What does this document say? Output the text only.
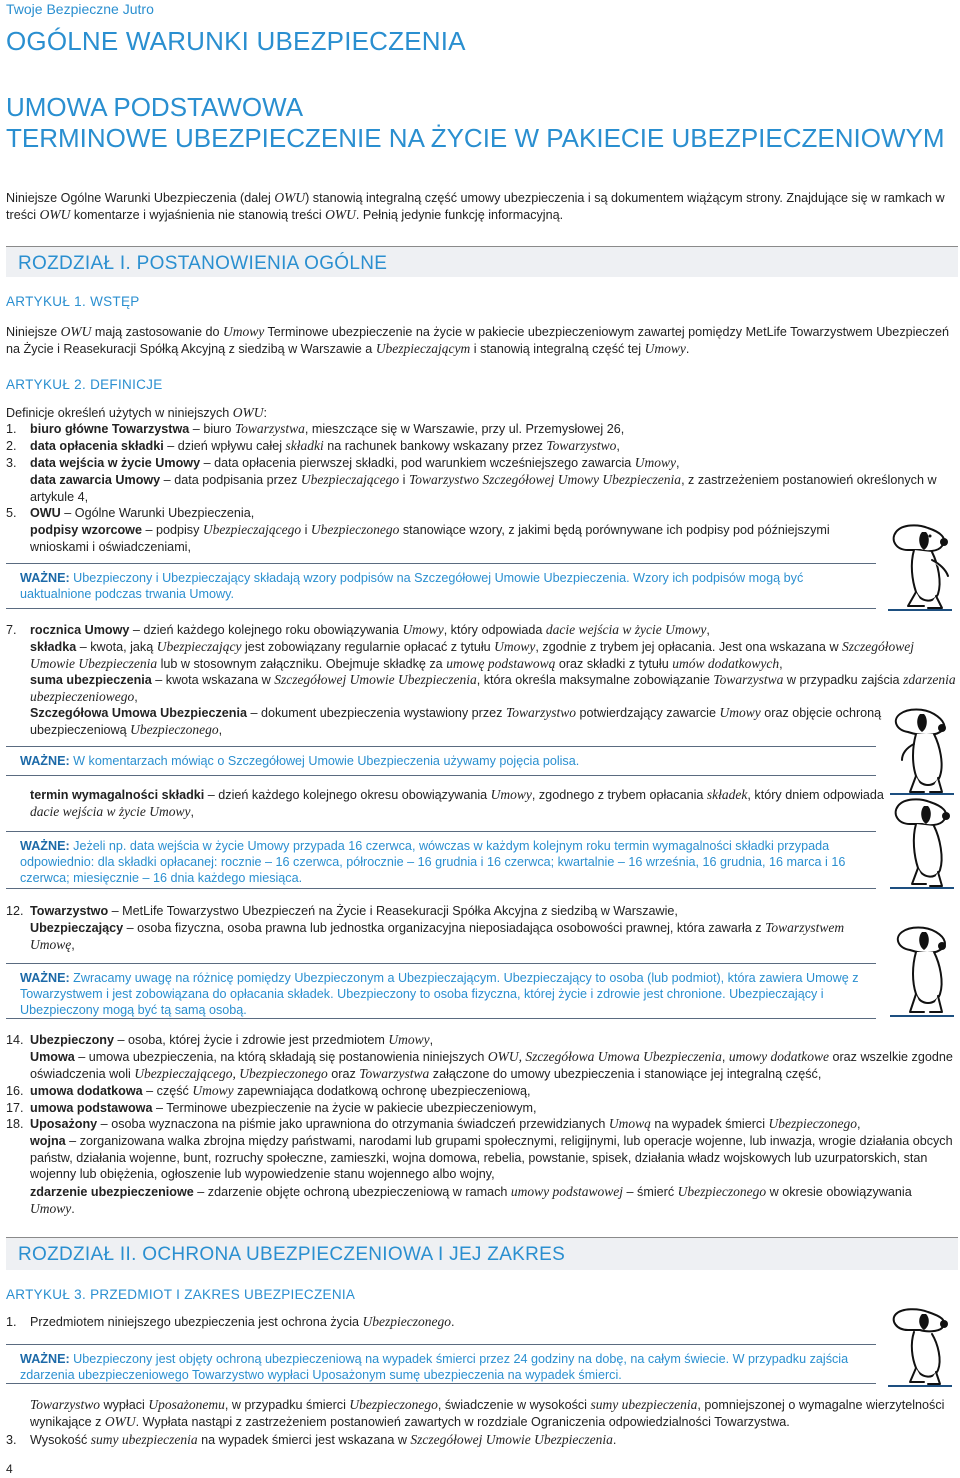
Twoje Bezpieczne Jutro
OGÓLNE WARUNKI UBEZPIECZENIA
UMOWA PODSTAWOWA
TERMINOWE UBEZPIECZENIE NA ŻYCIE W PAKIECIE UBEZPIECZENIOWYM
Niniejsze Ogólne Warunki Ubezpieczenia (dalej OWU) stanowią integralną część umowy ubezpieczenia i są dokumentem wiążącym strony. Znajdujące się w ramkach w treści OWU komentarze i wyjaśnienia nie stanowią treści OWU. Pełnią jedynie funkcję informacyjną.
ROZDZIAŁ I. POSTANOWIENIA OGÓLNE
ARTYKUŁ 1. WSTĘP
Niniejsze OWU mają zastosowanie do Umowy Terminowe ubezpieczenie na życie w pakiecie ubezpieczeniowym zawartej pomiędzy MetLife Towarzystwem Ubezpieczeń na Życie i Reasekuracji Spółką Akcyjną z siedzibą w Warszawie a Ubezpieczającym i stanowią integralną część tej Umowy.
ARTYKUŁ 2. DEFINICJE
Definicje określeń użytych w niniejszych OWU:
1. biuro główne Towarzystwa – biuro Towarzystwa, mieszczące się w Warszawie, przy ul. Przemysłowej 26,
2. data opłacenia składki – dzień wpływu całej składki na rachunek bankowy wskazany przez Towarzystwo,
3. data wejścia w życie Umowy – data opłacenia pierwszej składki, pod warunkiem wcześniejszego zawarcia Umowy,
data zawarcia Umowy – data podpisania przez Ubezpieczającego i Towarzystwo Szczegółowej Umowy Ubezpieczenia, z zastrzeżeniem postanowień określonych w artykule 4,
5. OWU – Ogólne Warunki Ubezpieczenia,
podpisy wzorcowe – podpisy Ubezpieczającego i Ubezpieczonego stanowiące wzory, z jakimi będą porównywane ich podpisy pod późniejszymi wnioskami i oświadczeniami,
WAŻNE: Ubezpieczony i Ubezpieczający składają wzory podpisów na Szczegółowej Umowie Ubezpieczenia. Wzory ich podpisów mogą być uaktualnione podczas trwania Umowy.
7. rocznica Umowy – dzień każdego kolejnego roku obowiązywania Umowy, który odpowiada dacie wejścia w życie Umowy,
składka – kwota, jaką Ubezpieczający jest zobowiązany regularnie opłacać z tytułu Umowy, zgodnie z trybem jej opłacania. Jest ona wskazana w Szczegółowej Umowie Ubezpieczenia lub w stosownym załączniku. Obejmuje składkę za umowę podstawową oraz składki z tytułu umów dodatkowych,
suma ubezpieczenia – kwota wskazana w Szczegółowej Umowie Ubezpieczenia, która określa maksymalne zobowiązanie Towarzystwa w przypadku zajścia zdarzenia ubezpieczeniowego,
Szczegółowa Umowa Ubezpieczenia – dokument ubezpieczenia wystawiony przez Towarzystwo potwierdzający zawarcie Umowy oraz objęcie ochroną ubezpieczeniową Ubezpieczonego,
WAŻNE: W komentarzach mówiąc o Szczegółowej Umowie Ubezpieczenia używamy pojęcia polisa.
termin wymagalności składki – dzień każdego kolejnego okresu obowiązywania Umowy, zgodnego z trybem opłacania składek, który dniem odpowiada dacie wejścia w życie Umowy,
WAŻNE: Jeżeli np. data wejścia w życie Umowy przypada 16 czerwca, wówczas w każdym kolejnym roku termin wymagalności składki przypada odpowiednio: dla składki opłacanej: rocznie – 16 czerwca, półrocznie – 16 grudnia i 16 czerwca; kwartalnie – 16 września, 16 grudnia, 16 marca i 16 czerwca; miesięcznie – 16 dnia każdego miesiąca.
12. Towarzystwo – MetLife Towarzystwo Ubezpieczeń na Życie i Reasekuracji Spółka Akcyjna z siedzibą w Warszawie,
Ubezpieczający – osoba fizyczna, osoba prawna lub jednostka organizacyjna nieposiadająca osobowości prawnej, która zawarła z Towarzystwem Umowę,
WAŻNE: Zwracamy uwagę na różnicę pomiędzy Ubezpieczonym a Ubezpieczającym. Ubezpieczający to osoba (lub podmiot), która zawiera Umowę z Towarzystwem i jest zobowiązana do opłacania składek. Ubezpieczony to osoba fizyczna, której życie i zdrowie jest chronione. Ubezpieczający i Ubezpieczony mogą być tą samą osobą.
14. Ubezpieczony – osoba, której życie i zdrowie jest przedmiotem Umowy,
Umowa – umowa ubezpieczenia, na którą składają się postanowienia niniejszych OWU, Szczegółowa Umowa Ubezpieczenia, umowy dodatkowe oraz wszelkie zgodne oświadczenia woli Ubezpieczającego, Ubezpieczonego oraz Towarzystwa załączone do umowy ubezpieczenia i stanowiące jej integralną część,
16. umowa dodatkowa – część Umowy zapewniająca dodatkową ochronę ubezpieczeniową,
17. umowa podstawowa – Terminowe ubezpieczenie na życie w pakiecie ubezpieczeniowym,
18. Uposażony – osoba wyznaczona na piśmie jako uprawniona do otrzymania świadczeń przewidzianych Umową na wypadek śmierci Ubezpieczonego,
wojna – zorganizowana walka zbrojna między państwami, narodami lub grupami społecznymi, religijnymi, lub operacje wojenne, lub inwazja, wrogie działania obcych państw, działania wojenne, bunt, rozruchy społeczne, zamieszki, wojna domowa, rebelia, powstanie, spisek, działania władz wojskowych lub uzurpatorskich, stan wojenny lub obiężenia, ogłoszenie lub wypowiedzenie stanu wojennego albo wojny,
zdarzenie ubezpieczeniowe – zdarzenie objęte ochroną ubezpieczeniową w ramach umowy podstawowej – śmierć Ubezpieczonego w okresie obowiązywania Umowy.
ROZDZIAŁ II. OCHRONA UBEZPIECZENIOWA I JEJ ZAKRES
ARTYKUŁ 3. PRZEDMIOT I ZAKRES UBEZPIECZENIA
1. Przedmiotem niniejszego ubezpieczenia jest ochrona życia Ubezpieczonego.
WAŻNE: Ubezpieczony jest objęty ochroną ubezpieczeniową na wypadek śmierci przez 24 godziny na dobę, na całym świecie. W przypadku zajścia zdarzenia ubezpieczeniowego Towarzystwo wypłaci Uposażonym sumę ubezpieczenia na wypadek śmierci.
Towarzystwo wypłaci Uposażonemu, w przypadku śmierci Ubezpieczonego, świadczenie w wysokości sumy ubezpieczenia, pomniejszonej o wymagalne wierzytelności wynikające z OWU. Wypłata nastąpi z zastrzeżeniem postanowień zawartych w rozdziale Ograniczenia odpowiedzialności Towarzystwa.
3. Wysokość sumy ubezpieczenia na wypadek śmierci jest wskazana w Szczegółowej Umowie Ubezpieczenia.
4
